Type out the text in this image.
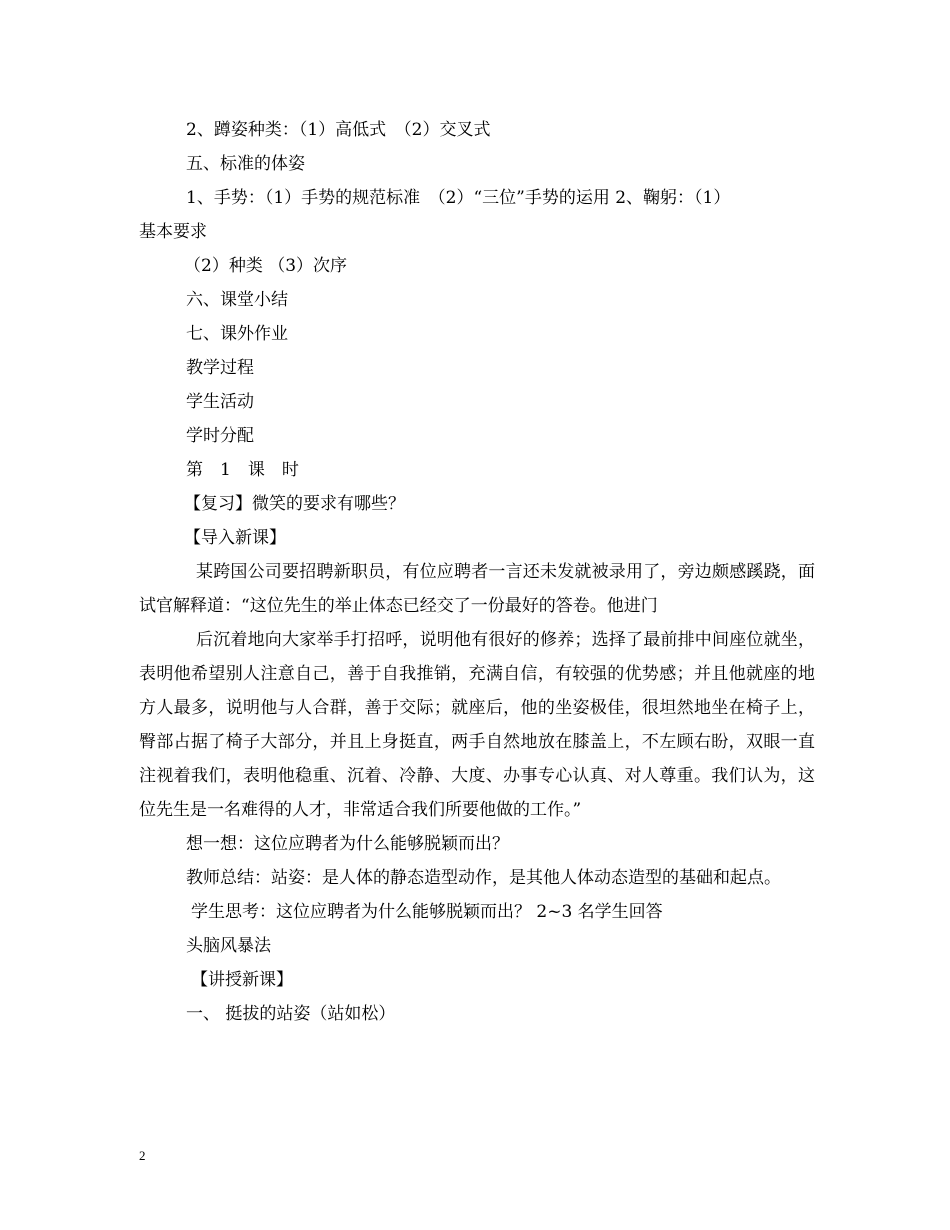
2、蹲姿种类：（1）高低式　（2）交叉式
五、标准的体姿
1、手势：（1）手势的规范标准　（2）“三位”手势的运用 2、鞠躬：（1）
基本要求
（2）种类 （3）次序
六、课堂小结
七、课外作业
教学过程
学生活动
学时分配
第　1　课　时
【复习】微笑的要求有哪些？
【导入新课】

某跨国公司要招聘新职员，有位应聘者一言还未发就被录用了，旁边颇感蹊跷，面试官解释道：“这位先生的举止体态已经交了一份最好的答卷。他进门

后沉着地向大家举手打招呼，说明他有很好的修养；选择了最前排中间座位就坐， 表明他希望别人注意自己，善于自我推销，充满自信，有较强的优势感；并且他就座的地方人最多，说明他与人合群，善于交际；就座后，他的坐姿极佳，很坦然地坐在椅子上，臀部占据了椅子大部分，并且上身挺直，两手自然地放在膝盖上，不左顾右盼，双眼一直注视着我们，表明他稳重、沉着、冷静、大度、办事专心认真、对人尊重。我们认为，这位先生是一名难得的人才，非常适合我们所要他做的工作。”

想一想：这位应聘者为什么能够脱颖而出？

教师总结：站姿：是人体的静态造型动作，是其他人体动态造型的基础和起点。

学生思考：这位应聘者为什么能够脱颖而出？ 2~3 名学生回答
头脑风暴法
【讲授新课】
一、 挺拔的站姿（站如松）
2
